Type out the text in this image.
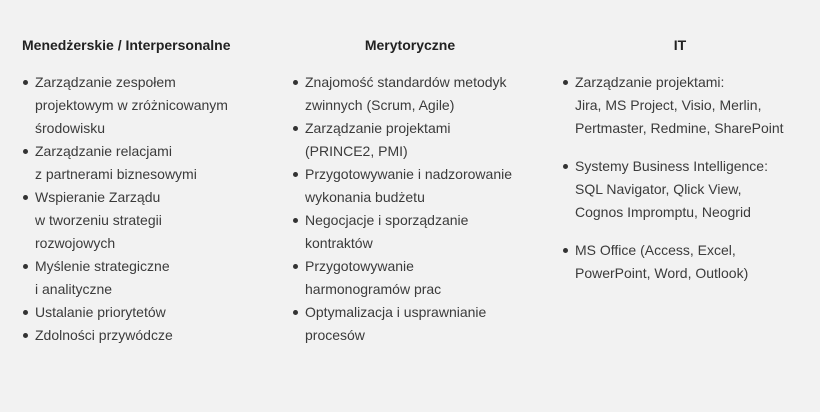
Menedżerskie / Interpersonalne
Zarządzanie zespołem
projektowym w zróżnicowanym
środowisku
Zarządzanie relacjami
z partnerami biznesowymi
Wspieranie Zarządu
w tworzeniu strategii
rozwojowych
Myślenie strategiczne
i analityczne
Ustalanie priorytetów
Zdolności przywódcze
Merytoryczne
Znajomość standardów metodyk
zwinnych (Scrum, Agile)
Zarządzanie projektami
(PRINCE2, PMI)
Przygotowywanie i nadzorowanie
wykonania budżetu
Negocjacje i sporządzanie
kontraktów
Przygotowywanie
harmonogramów prac
Optymalizacja i usprawnianie
procesów
IT
Zarządzanie projektami:
Jira, MS Project, Visio, Merlin,
Pertmaster, Redmine, SharePoint
Systemy Business Intelligence:
SQL Navigator, Qlick View,
Cognos Impromptu, Neogrid
MS Office (Access, Excel,
PowerPoint, Word, Outlook)
